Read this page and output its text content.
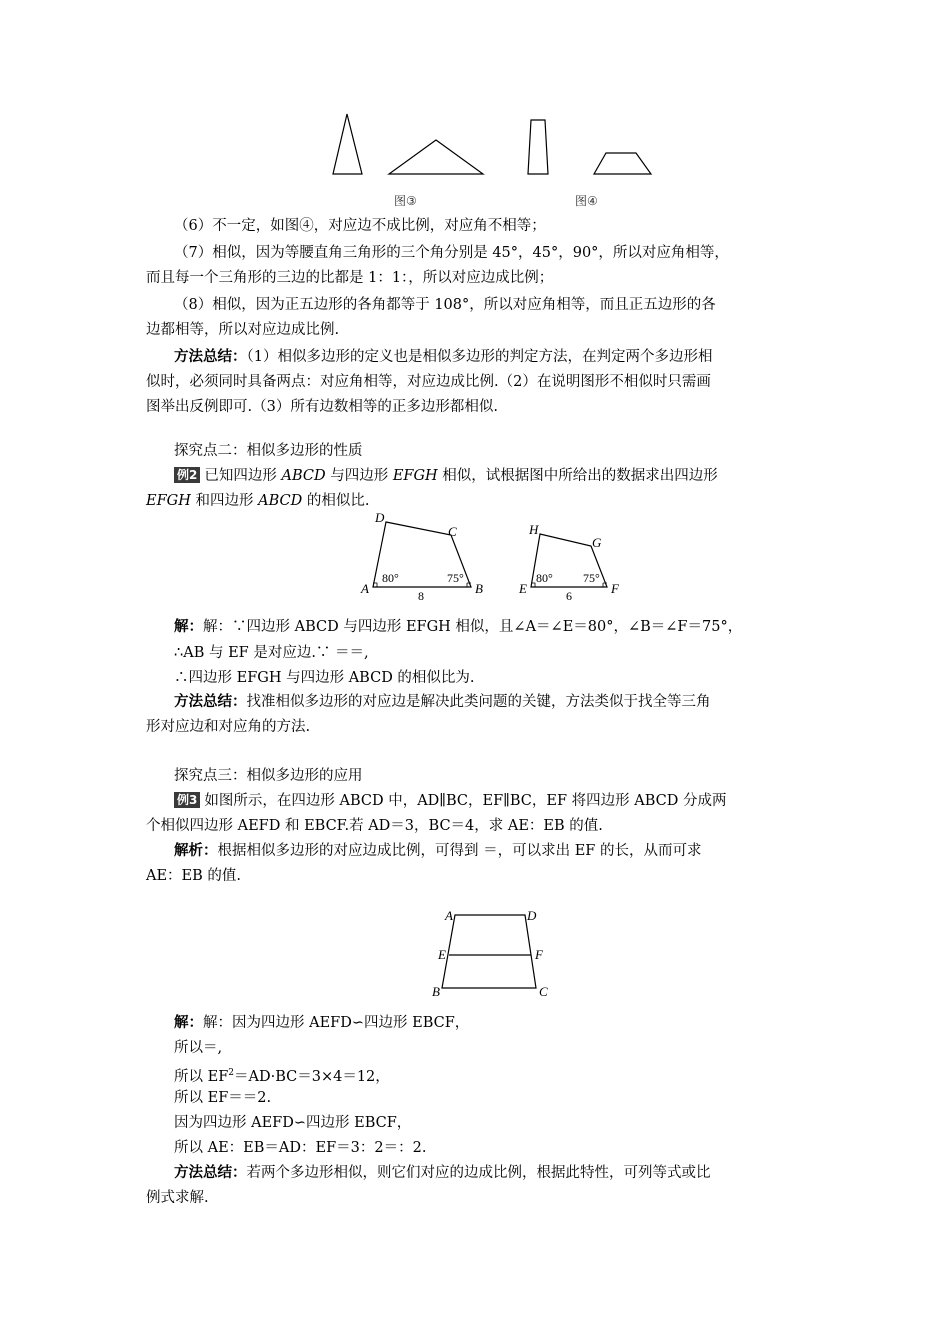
图③	图④
（6）不一定，如图④，对应边不成比例，对应角不相等；
（7）相似，因为等腰直角三角形的三个角分别是 45°，45°，90°，所以对应角相等，
而且每一个三角形的三边的比都是 1：1：，所以对应边成比例；
（8）相似，因为正五边形的各角都等于 108°，所以对应角相等，而且正五边形的各
边都相等，所以对应边成比例.
方法总结：（1）相似多边形的定义也是相似多边形的判定方法，在判定两个多边形相
似时，必须同时具备两点：对应角相等，对应边成比例.（2）在说明图形不相似时只需画
图举出反例即可.（3）所有边数相等的正多边形都相似.
探究点二：相似多边形的性质
例2 已知四边形 ABCD 与四边形 EFGH 相似，试根据图中所给出的数据求出四边形
EFGH 和四边形 ABCD 的相似比.
D
C
A	B
80°	75°
8
H
G
E	F
80°	75°
6
解：解：∵四边形 ABCD 与四边形 EFGH 相似，且∠A＝∠E＝80°，∠B＝∠F＝75°，
∴AB 与 EF 是对应边.∵ ＝＝,
∴四边形 EFGH 与四边形 ABCD 的相似比为.
方法总结：找准相似多边形的对应边是解决此类问题的关键，方法类似于找全等三角
形对应边和对应角的方法.
探究点三：相似多边形的应用
例3 如图所示，在四边形 ABCD 中，AD∥BC，EF∥BC，EF 将四边形 ABCD 分成两
个相似四边形 AEFD 和 EBCF.若 AD＝3，BC＝4，求 AE：EB 的值.
解析：根据相似多边形的对应边成比例，可得到 ＝，可以求出 EF 的长，从而可求
AE：EB 的值.
A	D
E	F
B	C
解：解：因为四边形 AEFD∽四边形 EBCF，
所以＝,
所以 $EF^2=AD\cdot BC=3\times 4=12$，
所以 EF＝＝2.
因为四边形 AEFD∽四边形 EBCF，
所以 AE：EB＝AD：EF＝3：2＝：2.
方法总结：若两个多边形相似，则它们对应的边成比例，根据此特性，可列等式或比
例式求解.
